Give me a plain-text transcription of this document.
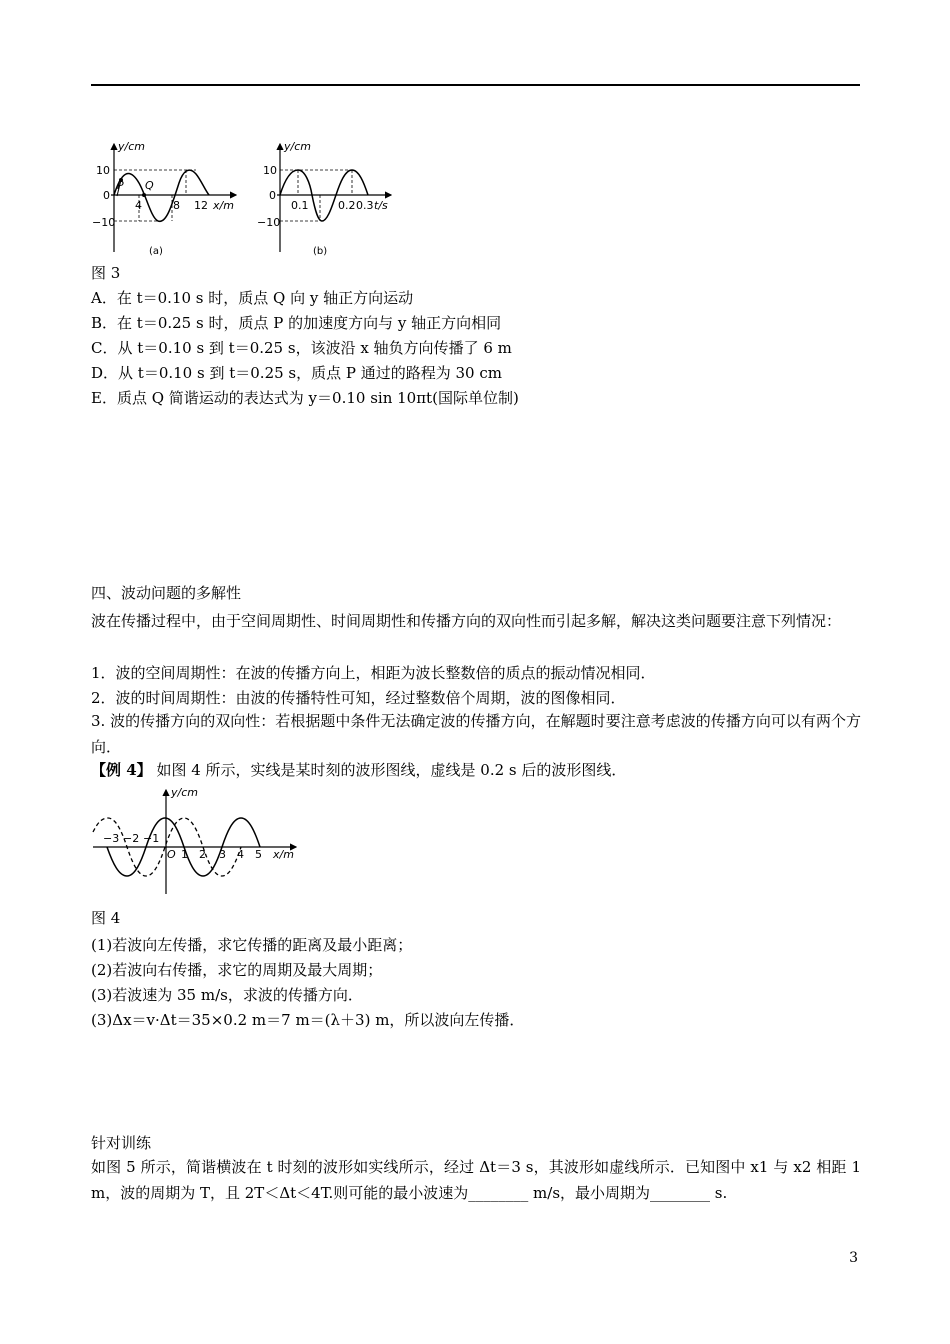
y/cm
10
0
−10
P Q
4	8 12 x/m
(a)
y/cm
10
0
−10
0.1	0.2 0.3 t/s
(b)
图 3
A．在 t＝0.10 s 时，质点 Q 向 y 轴正方向运动
B．在 t＝0.25 s 时，质点 P 的加速度方向与 y 轴正方向相同
C．从 t＝0.10 s 到 t＝0.25 s，该波沿 x 轴负方向传播了 6 m
D．从 t＝0.10 s 到 t＝0.25 s，质点 P 通过的路程为 30 cm
E．质点 Q 简谐运动的表达式为 y＝0.10 sin 10πt(国际单位制)
四、波动问题的多解性
波在传播过程中，由于空间周期性、时间周期性和传播方向的双向性而引起多解，解决这类问题要注意下列情况：
1．波的空间周期性：在波的传播方向上，相距为波长整数倍的质点的振动情况相同．
2．波的时间周期性：由波的传播特性可知，经过整数倍个周期，波的图像相同．
3. 波的传播方向的双向性：若根据题中条件无法确定波的传播方向，在解题时要注意考虑波的传播方向可以有两个方向．
【例 4】 如图 4 所示，实线是某时刻的波形图线，虚线是 0.2 s 后的波形图线．
y/cm
−3 −2 −1
O 1 2 3 4 5 x/m
图 4
(1)若波向左传播，求它传播的距离及最小距离；
(2)若波向右传播，求它的周期及最大周期；
(3)若波速为 35 m/s，求波的传播方向．
(3)Δx＝v·Δt＝35×0.2 m＝7 m＝(λ＋3) m，所以波向左传播．
针对训练
如图 5 所示，简谐横波在 t 时刻的波形如实线所示，经过 Δt＝3 s，其波形如虚线所示．已知图中 x1 与 x2 相距 1 m，波的周期为 T，且 2T＜Δt＜4T.则可能的最小波速为________ m/s，最小周期为________ s.
3
